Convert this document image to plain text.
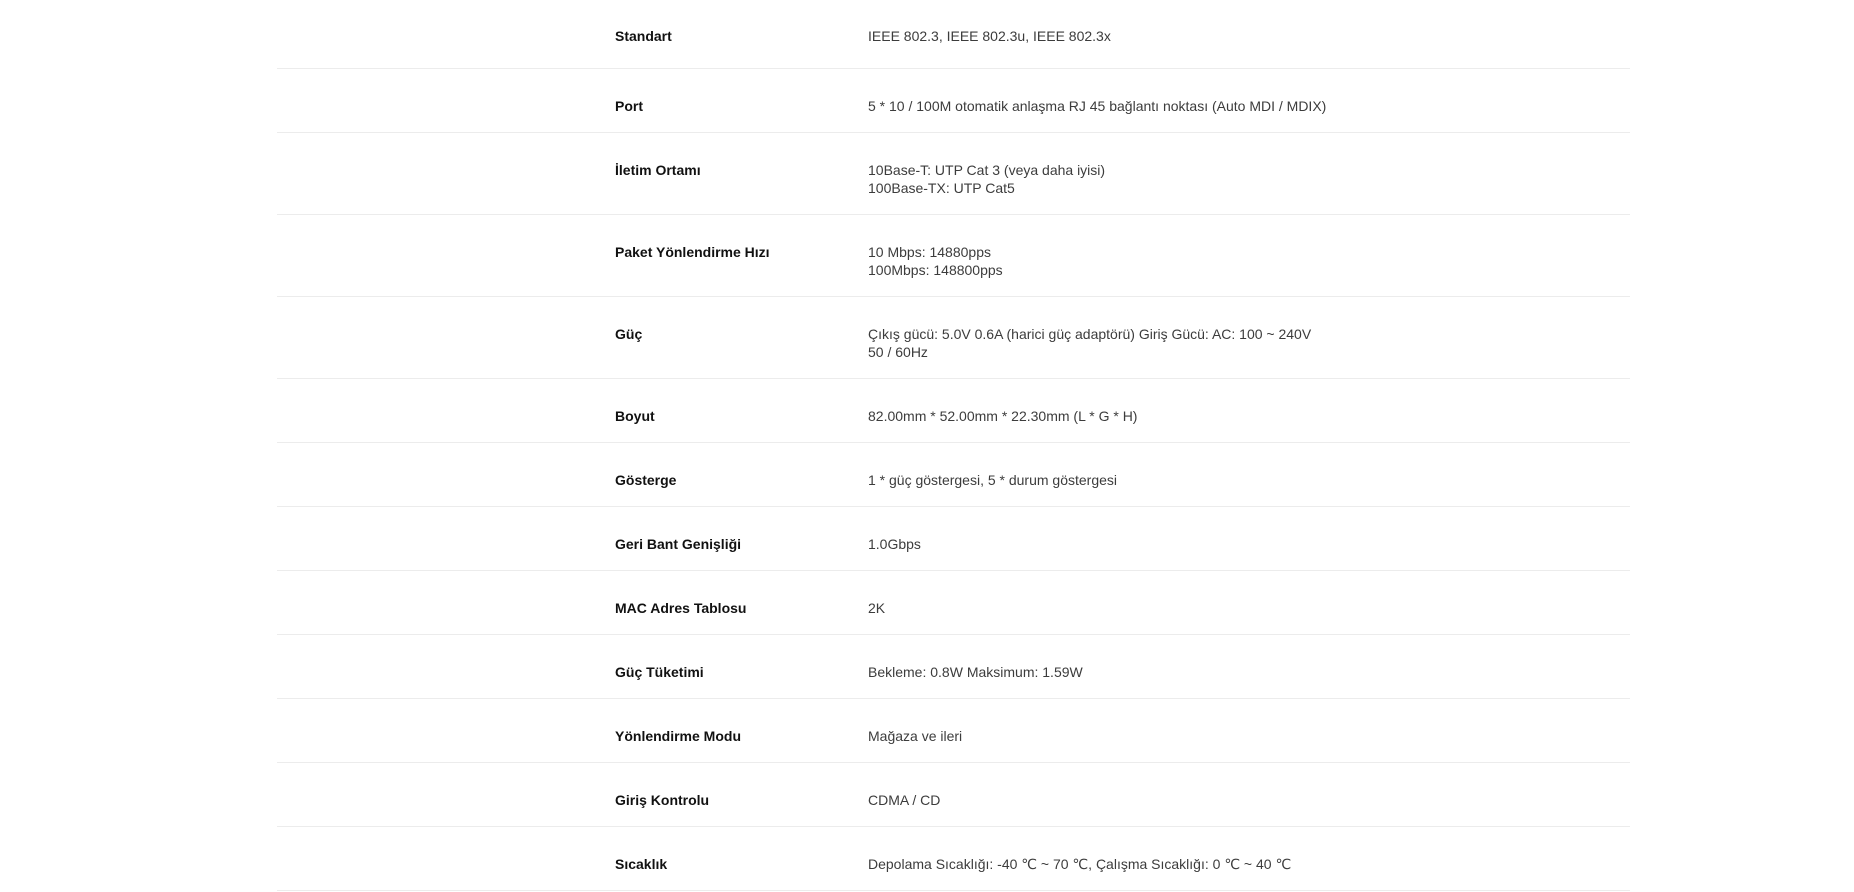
Standart	IEEE 802.3, IEEE 802.3u, IEEE 802.3x
Port	5 * 10 / 100M otomatik anlaşma RJ 45 bağlantı noktası (Auto MDI / MDIX)
İletim Ortamı	10Base-T: UTP Cat 3 (veya daha iyisi)
100Base-TX: UTP Cat5
Paket Yönlendirme Hızı	10 Mbps: 14880pps
100Mbps: 148800pps
Güç	Çıkış gücü: 5.0V 0.6A (harici güç adaptörü) Giriş Gücü: AC: 100 ~ 240V
50 / 60Hz
Boyut	82.00mm * 52.00mm * 22.30mm (L * G * H)
Gösterge	1 * güç göstergesi, 5 * durum göstergesi
Geri Bant Genişliği	1.0Gbps
MAC Adres Tablosu	2K
Güç Tüketimi	Bekleme: 0.8W Maksimum: 1.59W
Yönlendirme Modu	Mağaza ve ileri
Giriş Kontrolu	CDMA / CD
Sıcaklık	Depolama Sıcaklığı: -40 ℃ ~ 70 ℃, Çalışma Sıcaklığı: 0 ℃ ~ 40 ℃
